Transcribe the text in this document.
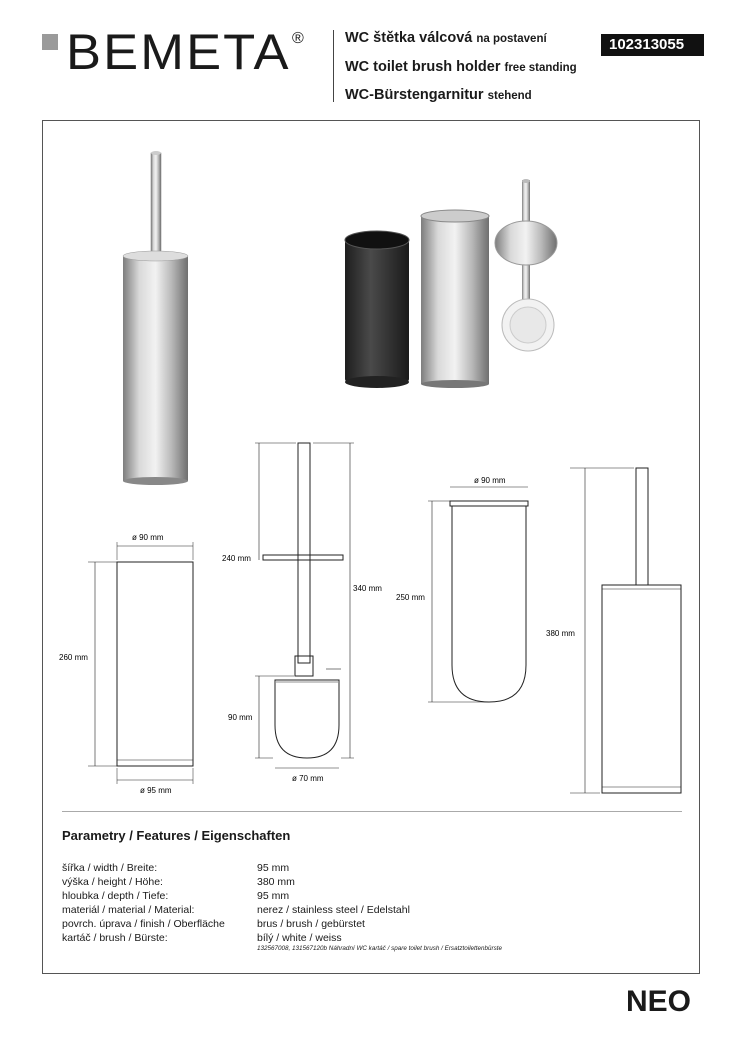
BEMETA ®	WC štětka válcová na postavení
WC toilet brush holder free standing
WC-Bürstengarnitur stehend
102313055
ø 90 mm
260 mm
ø 95 mm
240 mm
340 mm
90 mm
ø 70 mm
ø 90 mm
250 mm
380 mm
Parametry / Features / Eigenschaften
šířka / width / Breite:	95 mm
výška / height / Höhe:	380 mm
hloubka / depth / Tiefe:	95 mm
materiál / material / Material:	nerez / stainless steel / Edelstahl
povrch. úprava / finish / Oberfläche	brus / brush / gebürstet
kartáč / brush / Bürste:	bílý / white / weiss
132567008, 131567120b Náhradní WC kartáč / spare toilet brush / Ersatztoilettenbürste
NEO
